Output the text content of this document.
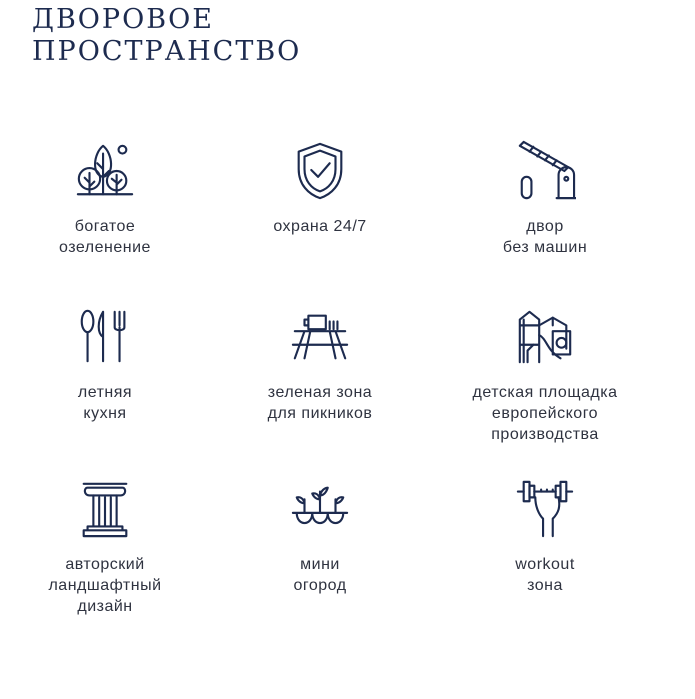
ДВОРОВОЕ
ПРОСТРАНСТВО
богатое
озеленение
охрана 24/7	двор
без машин
летняя
кухня
зеленая зона
для пикников
детская площадка
европейского
производства
авторский
ландшафтный
дизайн
мини
огород
workout
зона
